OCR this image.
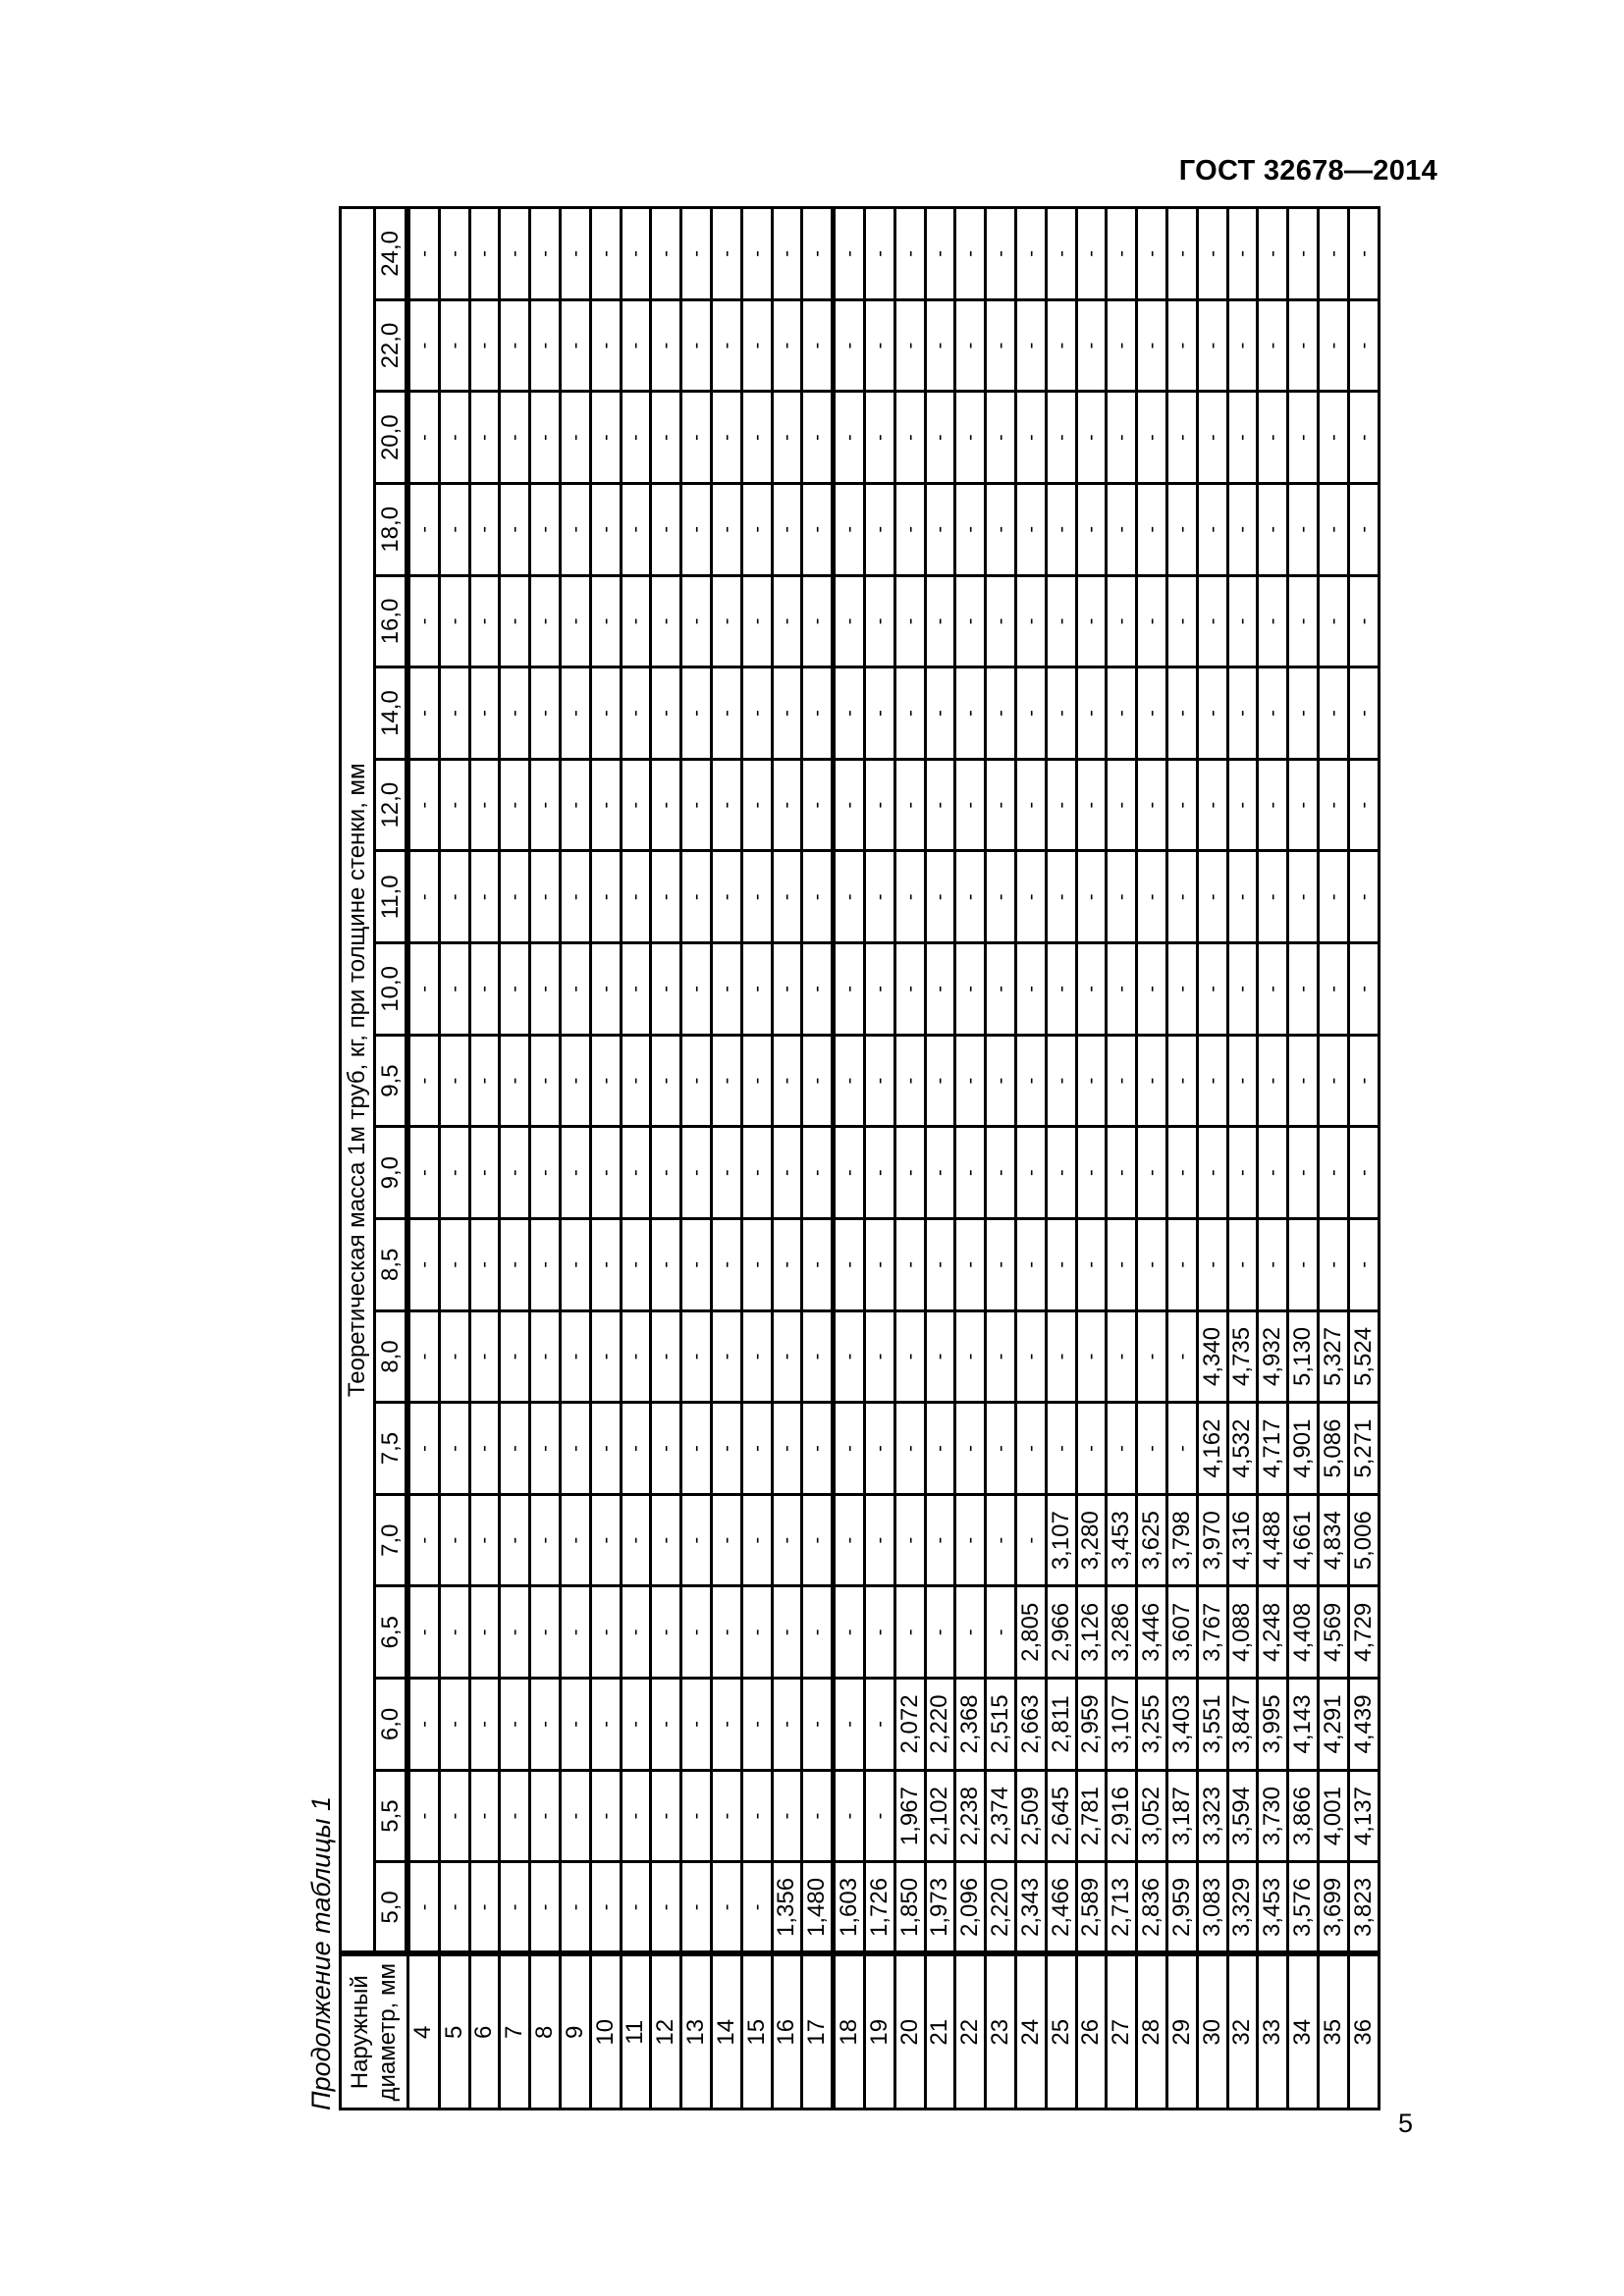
ГОСТ 32678—2014
Продолжение таблицы 1 Наружный диаметр, мм	Теоретическая масса 1м труб, кг, при толщине стенки, мм																		
	5,0	5,5	6,0	6,5	7,0	7,5	8,0	8,5	9,0	9,5	10,0	11,0	12,0	14,0	16,0	18,0	20,0	22,0	24,0
4	-	-	-	-	-	-	-	-	-	-	-	-	-	-	-	-	-	-	-
5	-	-	-	-	-	-	-	-	-	-	-	-	-	-	-	-	-	-	-
6	-	-	-	-	-	-	-	-	-	-	-	-	-	-	-	-	-	-	-
7	-	-	-	-	-	-	-	-	-	-	-	-	-	-	-	-	-	-	-
8	-	-	-	-	-	-	-	-	-	-	-	-	-	-	-	-	-	-	-
9	-	-	-	-	-	-	-	-	-	-	-	-	-	-	-	-	-	-	-
10	-	-	-	-	-	-	-	-	-	-	-	-	-	-	-	-	-	-	-
11	-	-	-	-	-	-	-	-	-	-	-	-	-	-	-	-	-	-	-
12	-	-	-	-	-	-	-	-	-	-	-	-	-	-	-	-	-	-	-
13	-	-	-	-	-	-	-	-	-	-	-	-	-	-	-	-	-	-	-
14	-	-	-	-	-	-	-	-	-	-	-	-	-	-	-	-	-	-	-
15	-	-	-	-	-	-	-	-	-	-	-	-	-	-	-	-	-	-	-
16	1,356	-	-	-	-	-	-	-	-	-	-	-	-	-	-	-	-	-	-
17	1,480	-	-	-	-	-	-	-	-	-	-	-	-	-	-	-	-	-	-
18	1,603	-	-	-	-	-	-	-	-	-	-	-	-	-	-	-	-	-	-
19	1,726	-	-	-	-	-	-	-	-	-	-	-	-	-	-	-	-	-	-
20	1,850	1,967	2,072	-	-	-	-	-	-	-	-	-	-	-	-	-	-	-	-
21	1,973	2,102	2,220	-	-	-	-	-	-	-	-	-	-	-	-	-	-	-	-
22	2,096	2,238	2,368	-	-	-	-	-	-	-	-	-	-	-	-	-	-	-	-
23	2,220	2,374	2,515	-	-	-	-	-	-	-	-	-	-	-	-	-	-	-	-
24	2,343	2,509	2,663	2,805	-	-	-	-	-	-	-	-	-	-	-	-	-	-	-
25	2,466	2,645	2,811	2,966	3,107	-	-	-	-	-	-	-	-	-	-	-	-	-	-
26	2,589	2,781	2,959	3,126	3,280	-	-	-	-	-	-	-	-	-	-	-	-	-	-
27	2,713	2,916	3,107	3,286	3,453	-	-	-	-	-	-	-	-	-	-	-	-	-	-
28	2,836	3,052	3,255	3,446	3,625	-	-	-	-	-	-	-	-	-	-	-	-	-	-
29	2,959	3,187	3,403	3,607	3,798	-	-	-	-	-	-	-	-	-	-	-	-	-	-
30	3,083	3,323	3,551	3,767	3,970	4,162	4,340	-	-	-	-	-	-	-	-	-	-	-	-
32	3,329	3,594	3,847	4,088	4,316	4,532	4,735	-	-	-	-	-	-	-	-	-	-	-	-
33	3,453	3,730	3,995	4,248	4,488	4,717	4,932	-	-	-	-	-	-	-	-	-	-	-	-
34	3,576	3,866	4,143	4,408	4,661	4,901	5,130	-	-	-	-	-	-	-	-	-	-	-	-
35	3,699	4,001	4,291	4,569	4,834	5,086	5,327	-	-	-	-	-	-	-	-	-	-	-	-
36	3,823	4,137	4,439	4,729	5,006	5,271	5,524	-	-	-	-	-	-	-	-	-	-	-	-
5
